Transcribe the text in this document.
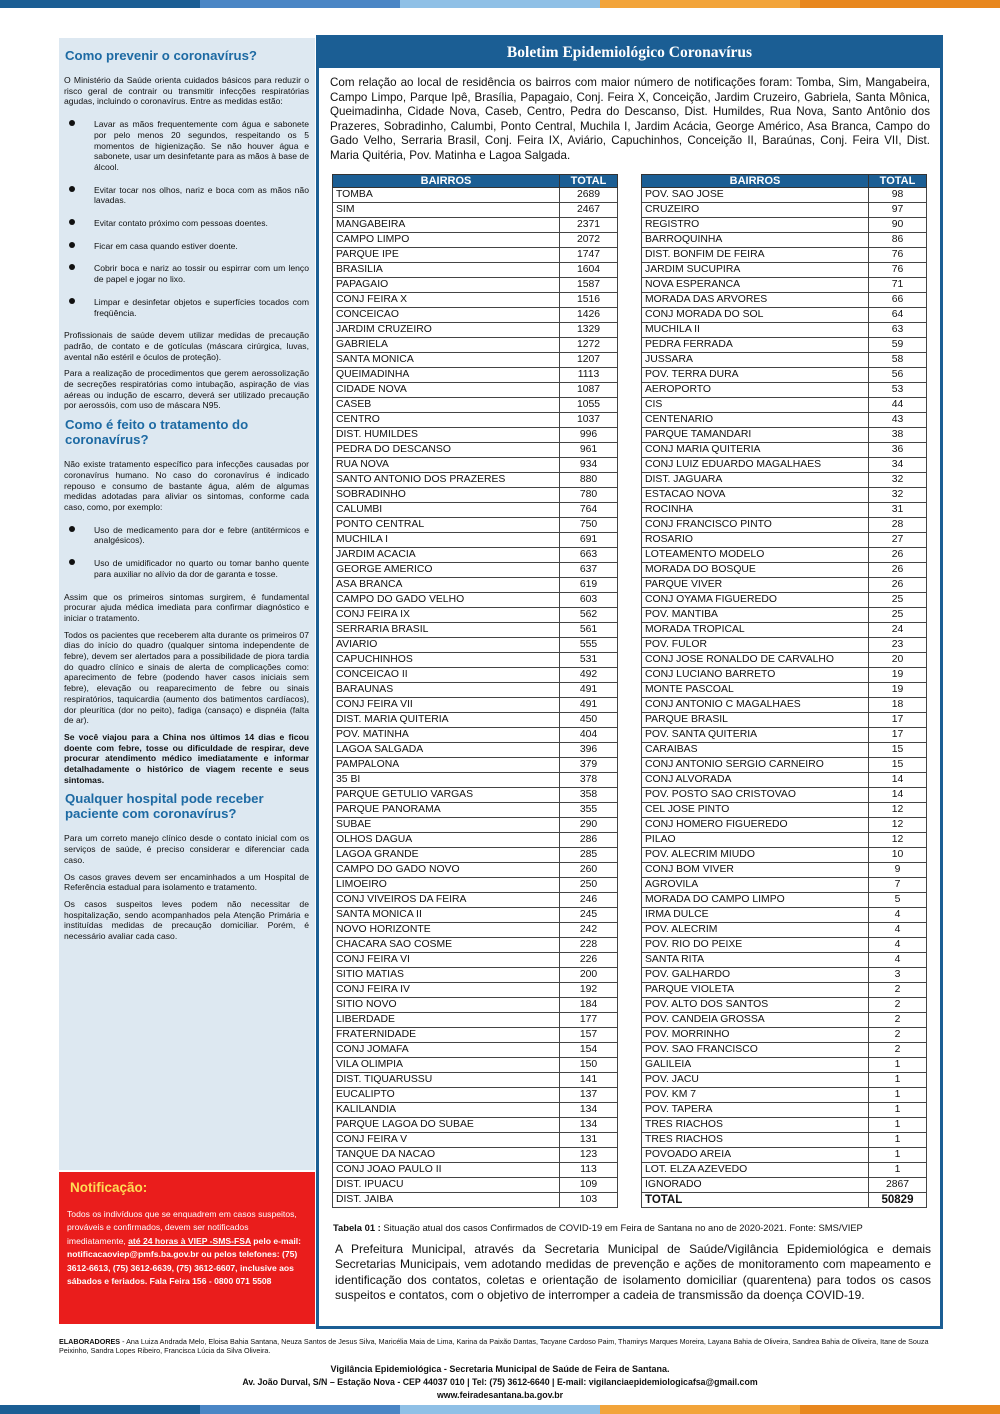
Como prevenir o coronavírus?

O Ministério da Saúde orienta cuidados básicos para reduzir o risco geral de contrair ou transmitir infecções respiratórias agudas, incluindo o coronavírus. Entre as medidas estão:

Lavar as mãos frequentemente com água e sabonete por pelo menos 20 segundos, respeitando os 5 momentos de higienização. Se não houver água e sabonete, usar um desinfetante para as mãos à base de álcool.
Evitar tocar nos olhos, nariz e boca com as mãos não lavadas.
Evitar contato próximo com pessoas doentes.
Ficar em casa quando estiver doente.
Cobrir boca e nariz ao tossir ou espirrar com um lenço de papel e jogar no lixo.
Limpar e desinfetar objetos e superfícies tocados com freqüência.

Profissionais de saúde devem utilizar medidas de precaução padrão, de contato e de gotículas (máscara cirúrgica, luvas, avental não estéril e óculos de proteção).

Para a realização de procedimentos que gerem aerossolização de secreções respiratórias como intubação, aspiração de vias aéreas ou indução de escarro, deverá ser utilizado precaução por aerossóis, com uso de máscara N95.

Como é feito o tratamento do coronavírus?

Não existe tratamento específico para infecções causadas por coronavírus humano. No caso do coronavírus é indicado repouso e consumo de bastante água, além de algumas medidas adotadas para aliviar os sintomas, conforme cada caso, como, por exemplo:

Uso de medicamento para dor e febre (antitérmicos e analgésicos).
Uso de umidificador no quarto ou tomar banho quente para auxiliar no alívio da dor de garanta e tosse.

Assim que os primeiros sintomas surgirem, é fundamental procurar ajuda médica imediata para confirmar diagnóstico e iniciar o tratamento.

Todos os pacientes que receberem alta durante os primeiros 07 dias do início do quadro (qualquer sintoma independente de febre), devem ser alertados para a possibilidade de piora tardia do quadro clínico e sinais de alerta de complicações como: aparecimento de febre (podendo haver casos iniciais sem febre), elevação ou reaparecimento de febre ou sinais respiratórios, taquicardia (aumento dos batimentos cardíacos), dor pleurítica (dor no peito), fadiga (cansaço) e dispnéia (falta de ar).

Se você viajou para a China nos últimos 14 dias e ficou doente com febre, tosse ou dificuldade de respirar, deve procurar atendimento médico imediatamente e informar detalhadamente o histórico de viagem recente e seus sintomas.

Qualquer hospital pode receber paciente com coronavírus?

Para um correto manejo clínico desde o contato inicial com os serviços de saúde, é preciso considerar e diferenciar cada caso.

Os casos graves devem ser encaminhados a um Hospital de Referência estadual para isolamento e tratamento.

Os casos suspeitos leves podem não necessitar de hospitalização, sendo acompanhados pela Atenção Primária e instituídas medidas de precaução domiciliar. Porém, é necessário avaliar cada caso.

Notificação:
Todos os indivíduos que se enquadrem em casos suspeitos, prováveis e confirmados, devem ser notificados imediatamente, até 24 horas à VIEP -SMS-FSA pelo e-mail: notificacaoviep@pmfs.ba.gov.br ou pelos telefones: (75) 3612-6613, (75) 3612-6639, (75) 3612-6607, inclusive aos sábados e feriados. Fala Feira 156 - 0800 071 5508
Boletim Epidemiológico Coronavírus
Com relação ao local de residência os bairros com maior número de notificações foram: Tomba, Sim, Mangabeira, Campo Limpo, Parque Ipê, Brasília, Papagaio, Conj. Feira X, Conceição, Jardim Cruzeiro, Gabriela, Santa Mônica, Queimadinha, Cidade Nova, Caseb, Centro, Pedra do Descanso, Dist. Humildes, Rua Nova, Santo Antônio dos Prazeres, Sobradinho, Calumbi, Ponto Central, Muchila I, Jardim Acácia, George Américo, Asa Branca, Campo do Gado Velho, Serraria Brasil, Conj. Feira IX, Aviário, Capuchinhos, Conceição II, Baraúnas, Conj. Feira VII, Dist. Maria Quitéria, Pov. Matinha e Lagoa Salgada.
BAIRROS	TOTAL
TOMBA	2689
SIM	2467
MANGABEIRA	2371
CAMPO LIMPO	2072
PARQUE IPE	1747
BRASILIA	1604
PAPAGAIO	1587
CONJ FEIRA X	1516
CONCEICAO	1426
JARDIM CRUZEIRO	1329
GABRIELA	1272
SANTA MONICA	1207
QUEIMADINHA	1113
CIDADE NOVA	1087
CASEB	1055
CENTRO	1037
DIST. HUMILDES	996
PEDRA DO DESCANSO	961
RUA NOVA	934
SANTO ANTONIO DOS PRAZERES	880
SOBRADINHO	780
CALUMBI	764
PONTO CENTRAL	750
MUCHILA I	691
JARDIM ACACIA	663
GEORGE AMERICO	637
ASA BRANCA	619
CAMPO DO GADO VELHO	603
CONJ FEIRA IX	562
SERRARIA BRASIL	561
AVIARIO	555
CAPUCHINHOS	531
CONCEICAO II	492
BARAUNAS	491
CONJ FEIRA VII	491
DIST. MARIA QUITERIA	450
POV. MATINHA	404
LAGOA SALGADA	396
PAMPALONA	379
35 BI	378
PARQUE GETULIO VARGAS	358
PARQUE PANORAMA	355
SUBAE	290
OLHOS DAGUA	286
LAGOA GRANDE	285
CAMPO DO GADO NOVO	260
LIMOEIRO	250
CONJ VIVEIROS DA FEIRA	246
SANTA MONICA II	245
NOVO HORIZONTE	242
CHACARA SAO COSME	228
CONJ FEIRA VI	226
SITIO MATIAS	200
CONJ FEIRA IV	192
SITIO NOVO	184
LIBERDADE	177
FRATERNIDADE	157
CONJ JOMAFA	154
VILA OLIMPIA	150
DIST. TIQUARUSSU	141
EUCALIPTO	137
KALILANDIA	134
PARQUE LAGOA DO SUBAE	134
CONJ FEIRA V	131
TANQUE DA NACAO	123
CONJ JOAO PAULO II	113
DIST. IPUACU	109
DIST. JAIBA	103
BAIRROS	TOTAL
POV. SAO JOSE	98
CRUZEIRO	97
REGISTRO	90
BARROQUINHA	86
DIST. BONFIM DE FEIRA	76
JARDIM SUCUPIRA	76
NOVA ESPERANCA	71
MORADA DAS ARVORES	66
CONJ MORADA DO SOL	64
MUCHILA II	63
PEDRA FERRADA	59
JUSSARA	58
POV. TERRA DURA	56
AEROPORTO	53
CIS	44
CENTENARIO	43
PARQUE TAMANDARI	38
CONJ MARIA QUITERIA	36
CONJ LUIZ EDUARDO MAGALHAES	34
DIST. JAGUARA	32
ESTACAO NOVA	32
ROCINHA	31
CONJ FRANCISCO PINTO	28
ROSARIO	27
LOTEAMENTO MODELO	26
MORADA DO BOSQUE	26
PARQUE VIVER	26
CONJ OYAMA FIGUEREDO	25
POV. MANTIBA	25
MORADA TROPICAL	24
POV. FULOR	23
CONJ JOSE RONALDO DE CARVALHO	20
CONJ LUCIANO BARRETO	19
MONTE PASCOAL	19
CONJ ANTONIO C MAGALHAES	18
PARQUE BRASIL	17
POV. SANTA QUITERIA	17
CARAIBAS	15
CONJ ANTONIO SERGIO CARNEIRO	15
CONJ ALVORADA	14
POV. POSTO SAO CRISTOVAO	14
CEL JOSE PINTO	12
CONJ HOMERO FIGUEREDO	12
PILAO	12
POV. ALECRIM MIUDO	10
CONJ BOM VIVER	9
AGROVILA	7
MORADA DO CAMPO LIMPO	5
IRMA DULCE	4
POV. ALECRIM	4
POV. RIO DO PEIXE	4
SANTA RITA	4
POV. GALHARDO	3
PARQUE VIOLETA	2
POV. ALTO DOS SANTOS	2
POV. CANDEIA GROSSA	2
POV. MORRINHO	2
POV. SAO FRANCISCO	2
GALILEIA	1
POV. JACU	1
POV. KM 7	1
POV. TAPERA	1
TRES RIACHOS	1
TRES RIACHOS	1
POVOADO AREIA	1
LOT. ELZA AZEVEDO	1
IGNORADO	2867
TOTAL	50829
Tabela 01 : Situação atual dos casos Confirmados de COVID-19 em Feira de Santana no ano de 2020-2021. Fonte: SMS/VIEP
A Prefeitura Municipal, através da Secretaria Municipal de Saúde/Vigilância Epidemiológica e demais Secretarias Municipais, vem adotando medidas de prevenção e ações de monitoramento com mapeamento e identificação dos contatos, coletas e orientação de isolamento domiciliar (quarentena) para todos os casos suspeitos e contatos, com o objetivo de interromper a cadeia de transmissão da doença COVID-19.
ELABORADORES - Ana Luiza Andrada Melo, Eloisa Bahia Santana, Neuza Santos de Jesus Silva, Maricélia Maia de Lima, Karina da Paixão Dantas, Tacyane Cardoso Paim, Thamirys Marques Moreira, Layana Bahia de Oliveira, Sandrea Bahia de Oliveira, Itane de Souza Peixinho, Sandra Lopes Ribeiro, Francisca Lúcia da Silva Oliveira.
Vigilância Epidemiológica - Secretaria Municipal de Saúde de Feira de Santana.
Av. João Durval, S/N – Estação Nova - CEP 44037 010 | Tel: (75) 3612-6640 | E-mail: vigilanciaepidemiologicafsa@gmail.com
www.feiradesantana.ba.gov.br
